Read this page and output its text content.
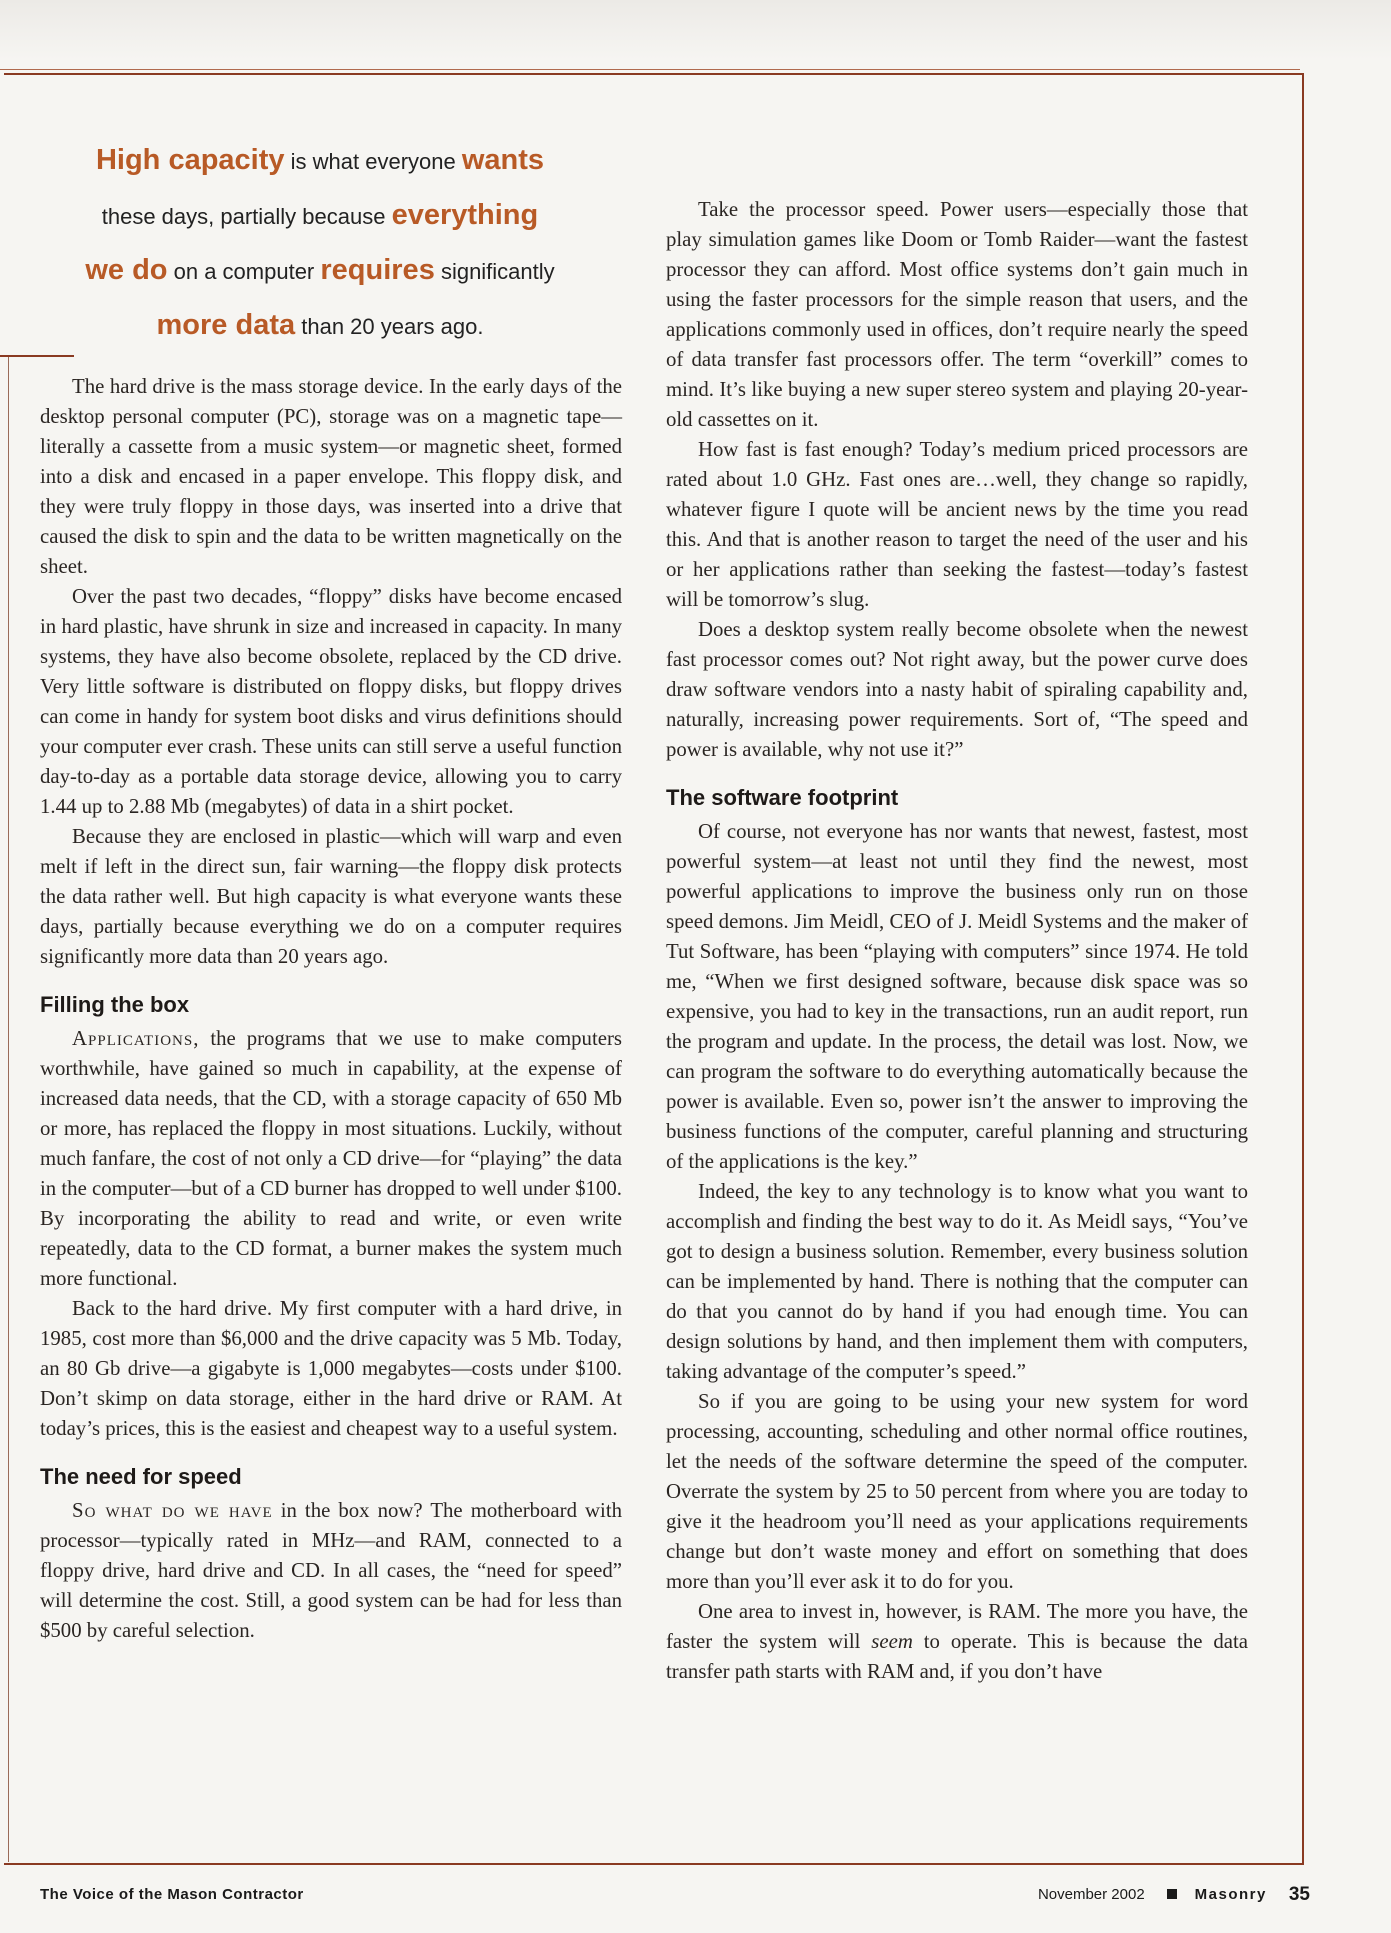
High capacity is what everyone wants
these days, partially because everything
we do on a computer requires significantly
more data than 20 years ago.

The hard drive is the mass storage device. In the early days of the desktop personal computer (PC), storage was on a magnetic tape—literally a cassette from a music system—or magnetic sheet, formed into a disk and encased in a paper envelope. This floppy disk, and they were truly floppy in those days, was inserted into a drive that caused the disk to spin and the data to be written magnetically on the sheet.

Over the past two decades, “floppy” disks have become encased in hard plastic, have shrunk in size and increased in capacity. In many systems, they have also become obsolete, replaced by the CD drive. Very little software is distributed on floppy disks, but floppy drives can come in handy for system boot disks and virus definitions should your computer ever crash. These units can still serve a useful function day-to-day as a portable data storage device, allowing you to carry 1.44 up to 2.88 Mb (megabytes) of data in a shirt pocket.

Because they are enclosed in plastic—which will warp and even melt if left in the direct sun, fair warning—the floppy disk protects the data rather well. But high capacity is what everyone wants these days, partially because everything we do on a computer requires significantly more data than 20 years ago.

Filling the box

Applications, the programs that we use to make computers worthwhile, have gained so much in capability, at the expense of increased data needs, that the CD, with a storage capacity of 650 Mb or more, has replaced the floppy in most situations. Luckily, without much fanfare, the cost of not only a CD drive—for “playing” the data in the computer—but of a CD burner has dropped to well under $100. By incorporating the ability to read and write, or even write repeatedly, data to the CD format, a burner makes the system much more functional.

Back to the hard drive. My first computer with a hard drive, in 1985, cost more than $6,000 and the drive capacity was 5 Mb. Today, an 80 Gb drive—a gigabyte is 1,000 megabytes—costs under $100. Don’t skimp on data storage, either in the hard drive or RAM. At today’s prices, this is the easiest and cheapest way to a useful system.

The need for speed

So what do we have in the box now? The motherboard with processor—typically rated in MHz—and RAM, connected to a floppy drive, hard drive and CD. In all cases, the “need for speed” will determine the cost. Still, a good system can be had for less than $500 by careful selection.

Take the processor speed. Power users—especially those that play simulation games like Doom or Tomb Raider—want the fastest processor they can afford. Most office systems don’t gain much in using the faster processors for the simple reason that users, and the applications commonly used in offices, don’t require nearly the speed of data transfer fast processors offer. The term “overkill” comes to mind. It’s like buying a new super stereo system and playing 20-year-old cassettes on it.

How fast is fast enough? Today’s medium priced processors are rated about 1.0 GHz. Fast ones are…well, they change so rapidly, whatever figure I quote will be ancient news by the time you read this. And that is another reason to target the need of the user and his or her applications rather than seeking the fastest—today’s fastest will be tomorrow’s slug.

Does a desktop system really become obsolete when the newest fast processor comes out? Not right away, but the power curve does draw software vendors into a nasty habit of spiraling capability and, naturally, increasing power requirements. Sort of, “The speed and power is available, why not use it?”

The software footprint

Of course, not everyone has nor wants that newest, fastest, most powerful system—at least not until they find the newest, most powerful applications to improve the business only run on those speed demons. Jim Meidl, CEO of J. Meidl Systems and the maker of Tut Software, has been “playing with computers” since 1974. He told me, “When we first designed software, because disk space was so expensive, you had to key in the transactions, run an audit report, run the program and update. In the process, the detail was lost. Now, we can program the software to do everything automatically because the power is available. Even so, power isn’t the answer to improving the business functions of the computer, careful planning and structuring of the applications is the key.”

Indeed, the key to any technology is to know what you want to accomplish and finding the best way to do it. As Meidl says, “You’ve got to design a business solution. Remember, every business solution can be implemented by hand. There is nothing that the computer can do that you cannot do by hand if you had enough time. You can design solutions by hand, and then implement them with computers, taking advantage of the computer’s speed.”

So if you are going to be using your new system for word processing, accounting, scheduling and other normal office routines, let the needs of the software determine the speed of the computer. Overrate the system by 25 to 50 percent from where you are today to give it the headroom you’ll need as your applications requirements change but don’t waste money and effort on something that does more than you’ll ever ask it to do for you.

One area to invest in, however, is RAM. The more you have, the faster the system will seem to operate. This is because the data transfer path starts with RAM and, if you don’t have

The Voice of the Mason Contractor	November 2002	Masonry 35
